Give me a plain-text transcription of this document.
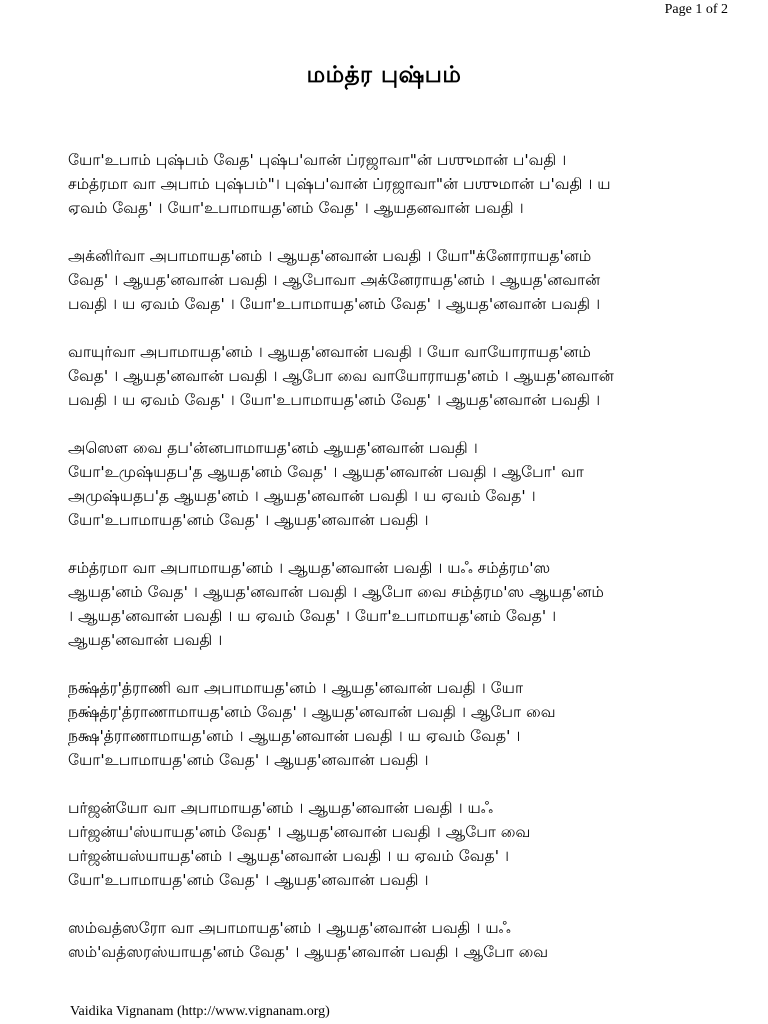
Page 1 of 2
மம்த்ர புஷ்பம்
யோ'உபாம் புஷ்பம் வேத' புஷ்ப'வான் ப்ரஜாவா"ன் பஶுமான் ப'வதி ।
சம்த்ரமா வா அபாம் புஷ்பம்"। புஷ்ப'வான் ப்ரஜாவா"ன் பஶுமான் ப'வதி । ய
ஏவம் வேத' । யோ'உபாமாயத'னம் வேத' । ஆயதனவான் பவதி ।
அக்னிர்வா அபாமாயத'னம் । ஆயத'னவான் பவதி । யோ"க்னோராயத'னம்
வேத' । ஆயத'னவான் பவதி । ஆபோவா அக்னேராயத'னம் । ஆயத'னவான்
பவதி । ய ஏவம் வேத' । யோ'உபாமாயத'னம் வேத' । ஆயத'னவான் பவதி ।
வாயுர்வா அபாமாயத'னம் । ஆயத'னவான் பவதி । யோ வாயோராயத'னம்
வேத' । ஆயத'னவான் பவதி । ஆபோ வை வாயோராயத'னம் । ஆயத'னவான்
பவதி । ய ஏவம் வேத' । யோ'உபாமாயத'னம் வேத' । ஆயத'னவான் பவதி ।
அஸௌ வை தப'ன்னபாமாயத'னம் ஆயத'னவான் பவதி ।
யோ'உமுஷ்யதப'த ஆயத'னம் வேத' । ஆயத'னவான் பவதி । ஆபோ' வா
அமுஷ்யதப'த ஆயத'னம் । ஆயத'னவான் பவதி । ய ஏவம் வேத' ।
யோ'உபாமாயத'னம் வேத' । ஆயத'னவான் பவதி ।
சம்த்ரமா வா அபாமாயத'னம் । ஆயத'னவான் பவதி । யஃ சம்த்ரம'ஸ
ஆயத'னம் வேத' । ஆயத'னவான் பவதி । ஆபோ வை சம்த்ரம'ஸ ஆயத'னம்
। ஆயத'னவான் பவதி । ய ஏவம் வேத' । யோ'உபாமாயத'னம் வேத' ।
ஆயத'னவான் பவதி ।
நக்ஷ்த்ர'த்ராணி வா அபாமாயத'னம் । ஆயத'னவான் பவதி । யோ
நக்ஷ்த்ர'த்ராணாமாயத'னம் வேத' । ஆயத'னவான் பவதி । ஆபோ வை
நக்ஷ'த்ராணாமாயத'னம் । ஆயத'னவான் பவதி । ய ஏவம் வேத' ।
யோ'உபாமாயத'னம் வேத' । ஆயத'னவான் பவதி ।
பர்ஜன்யோ வா அபாமாயத'னம் । ஆயத'னவான் பவதி । யஃ
பர்ஜன்ய'ஸ்யாயத'னம் வேத' । ஆயத'னவான் பவதி । ஆபோ வை
பர்ஜன்யஸ்யாயத'னம் । ஆயத'னவான் பவதி । ய ஏவம் வேத' ।
யோ'உபாமாயத'னம் வேத' । ஆயத'னவான் பவதி ।
ஸம்வத்ஸரோ வா அபாமாயத'னம் । ஆயத'னவான் பவதி । யஃ
ஸம்'வத்ஸரஸ்யாயத'னம் வேத' । ஆயத'னவான் பவதி । ஆபோ வை
Vaidika Vignanam (http://www.vignanam.org)
